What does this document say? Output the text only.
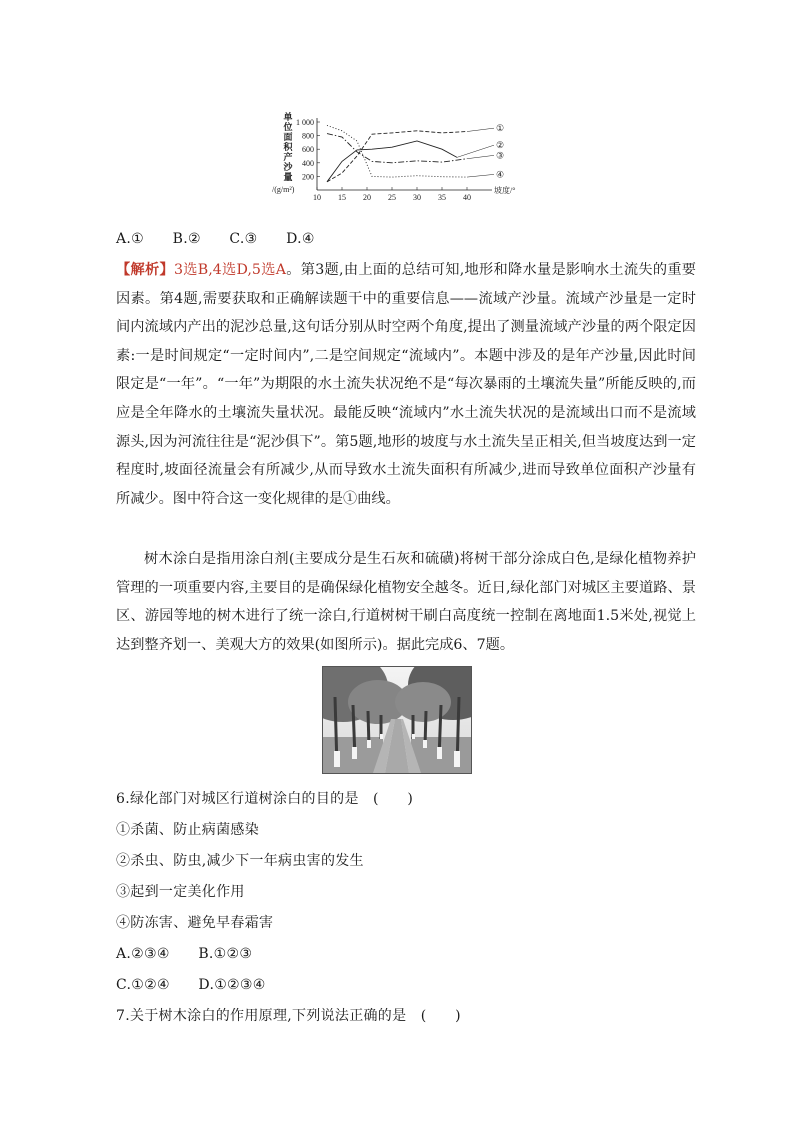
200
400
600
800
1 000
10 15 20 25 30 35 40
坡度/°
单
位
面
积
产
沙
量
/(g/m²)
①
②
③
④
A.①　　B.②　　C.③　　D.④
【解析】3选B,4选D,5选A。第3题,由上面的总结可知,地形和降水量是影响水土流失的重要因素。第4题,需要获取和正确解读题干中的重要信息——流域产沙量。流域产沙量是一定时间内流域内产出的泥沙总量,这句话分别从时空两个角度,提出了测量流域产沙量的两个限定因素:一是时间规定“一定时间内”,二是空间规定“流域内”。本题中涉及的是年产沙量,因此时间限定是“一年”。“一年”为期限的水土流失状况绝不是“每次暴雨的土壤流失量”所能反映的,而应是全年降水的土壤流失量状况。最能反映“流域内”水土流失状况的是流域出口而不是流域源头,因为河流往往是“泥沙俱下”。第5题,地形的坡度与水土流失呈正相关,但当坡度达到一定程度时,坡面径流量会有所减少,从而导致水土流失面积有所减少,进而导致单位面积产沙量有所减少。图中符合这一变化规律的是①曲线。
树木涂白是指用涂白剂(主要成分是生石灰和硫磺)将树干部分涂成白色,是绿化植物养护管理的一项重要内容,主要目的是确保绿化植物安全越冬。近日,绿化部门对城区主要道路、景区、游园等地的树木进行了统一涂白,行道树树干刷白高度统一控制在离地面1.5米处,视觉上达到整齐划一、美观大方的效果(如图所示)。据此完成6、7题。
6.绿化部门对城区行道树涂白的目的是　(　　)
①杀菌、防止病菌感染
②杀虫、防虫,减少下一年病虫害的发生
③起到一定美化作用
④防冻害、避免早春霜害
A.②③④　　B.①②③
C.①②④　　D.①②③④
7.关于树木涂白的作用原理,下列说法正确的是　(　　)
